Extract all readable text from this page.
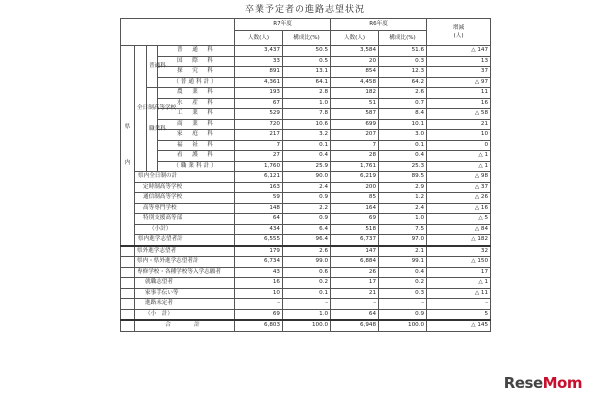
卒業予定者の進路志望状況
				R7年度		R6年度		増減
(人)
				人数(人)	構成比(%)	人数(人)	構成比(%)	
県

内	全日制高等学校	普通科	普　通　科	3,437	50.5	3,584	51.6	△ 147
			国　際　科	33	0.5	20	0.3	13
			探　究　科	891	13.1	854	12.3	37
			（普通科計）	4,361	64.1	4,458	64.2	△ 97
		職業科	農　業　科	193	2.8	182	2.6	11
			水　産　科	67	1.0	51	0.7	16
			工　業　科	529	7.8	587	8.4	△ 58
			商　業　科	720	10.6	699	10.1	21
			家　庭　科	217	3.2	207	3.0	10
			福　祉　科	7	0.1	7	0.1	0
			看　護　科	27	0.4	28	0.4	△ 1
			（職業科計）	1,760	25.9	1,761	25.3	△ 1
	県内全日制の計			6,121	90.0	6,219	89.5	△ 98
	定時制高等学校			163	2.4	200	2.9	△ 37
	通信制高等学校			59	0.9	85	1.2	△ 26
	高等専門学校			148	2.2	164	2.4	△ 16
	特別支援高等部			64	0.9	69	1.0	△ 5
	（小計）			434	6.4	518	7.5	△ 84
	県内進学志望者計			6,555	96.4	6,737	97.0	△ 182
	県外進学志望者			179	2.6	147	2.1	32
	県内・県外進学志望者計			6,734	99.0	6,884	99.1	△ 150
	専修学校・各種学校等入学志願者			43	0.6	26	0.4	17
	就職志望者			16	0.2	17	0.2	△ 1
	家事手伝い等			10	0.1	21	0.3	△ 11
	進路未定者			–	–	–	–	–
	（小　計）			69	1.0	64	0.9	5
	合　　計			6,803	100.0	6,948	100.0	△ 145
ReseMom
